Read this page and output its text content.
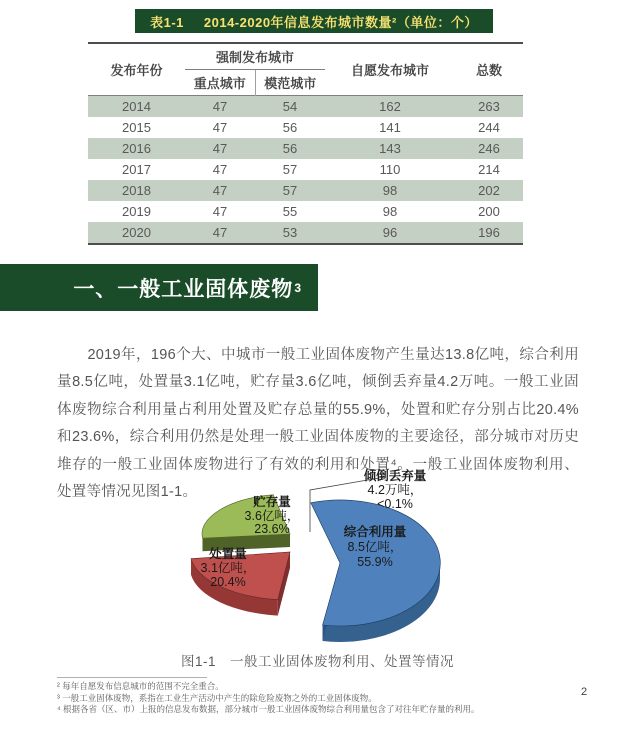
表1-1 2014-2020年信息发布城市数量²（单位：个）
发布年份	强制发布城市		自愿发布城市	总数
	重点城市	模范城市		
2014	47	54	162	263
2015	47	56	141	244
2016	47	56	143	246
2017	47	57	110	214
2018	47	57	98	202
2019	47	55	98	200
2020	47	53	96	196
一、一般工业固体废物 3

2019年，196个大、中城市一般工业固体废物产生量达13.8亿吨，综合利用量8.5亿吨，处置量3.1亿吨，贮存量3.6亿吨，倾倒丢弃量4.2万吨。一般工业固体废物综合利用量占利用处置及贮存总量的55.9%，处置和贮存分别占比20.4%和23.6%，综合利用仍然是处理一般工业固体废物的主要途径，部分城市对历史堆存的一般工业固体废物进行了有效的利用和处置⁴。一般工业固体废物利用、处置等情况见图1-1。

倾倒丢弃量
4.2万吨，
<0.1%
贮存量
3.6亿吨，
23.6%
处置量
3.1亿吨，
20.4%
综合利用量
8.5亿吨，
55.9%
图1-1　一般工业固体废物利用、处置等情况
² 每年自愿发布信息城市的范围不完全重合。
³ 一般工业固体废物，系指在工业生产活动中产生的除危险废物之外的工业固体废物。
⁴ 根据各省（区、市）上报的信息发布数据，部分城市一般工业固体废物综合利用量包含了对往年贮存量的利用。
2
